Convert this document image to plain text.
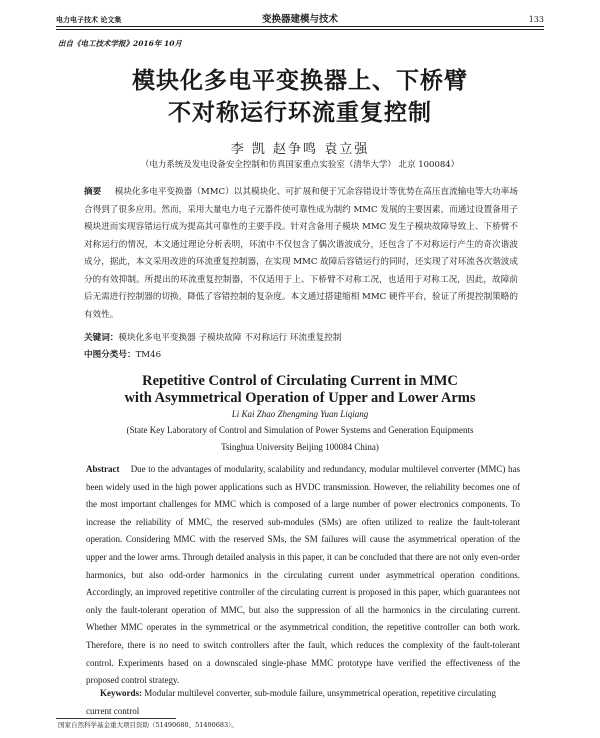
电力电子技术 论文集	变换器建模与技术	133
出自《电工技术学报》2016年 10月
模块化多电平变换器上、下桥臂
不对称运行环流重复控制
李 凯 赵争鸣 袁立强
（电力系统及发电设备安全控制和仿真国家重点实验室（清华大学） 北京 100084）
摘要 模块化多电平变换器（MMC）以其模块化、可扩展和便于冗余容错设计等优势在高压直流输电等大功率场合得到了很多应用。然而，采用大量电力电子元器件使可靠性成为制约 MMC 发展的主要因素，而通过设置备用子模块进而实现容错运行成为提高其可靠性的主要手段。针对含备用子模块 MMC 发生子模块故障导致上、下桥臂不对称运行的情况，本文通过理论分析表明，环流中不仅包含了偶次谐波成分，还包含了不对称运行产生的奇次谐波成分，据此，本文采用改进的环流重复控制器，在实现 MMC 故障后容错运行的同时，还实现了对环流各次谐波成分的有效抑制。所提出的环流重复控制器，不仅适用于上、下桥臂不对称工况，也适用于对称工况，因此，故障前后无需进行控制器的切换，降低了容错控制的复杂度。本文通过搭建缩相 MMC 硬件平台，验证了所提控制策略的有效性。
关键词：模块化多电平变换器 子模块故障 不对称运行 环流重复控制
中图分类号：TM46
Repetitive Control of Circulating Current in MMC
with Asymmetrical Operation of Upper and Lower Arms
Li Kai Zhao Zhengming Yuan Liqiang
(State Key Laboratory of Control and Simulation of Power Systems and Generation Equipments
Tsinghua University Beijing 100084 China)
Abstract Due to the advantages of modularity, scalability and redundancy, modular multilevel converter (MMC) has been widely used in the high power applications such as HVDC transmission. However, the reliability becomes one of the most important challenges for MMC which is composed of a large number of power electronics components. To increase the reliability of MMC, the reserved sub-modules (SMs) are often utilized to realize the fault-tolerant operation. Considering MMC with the reserved SMs, the SM failures will cause the asymmetrical operation of the upper and the lower arms. Through detailed analysis in this paper, it can be concluded that there are not only even-order harmonics, but also odd-order harmonics in the circulating current under asymmetrical operation conditions. Accordingly, an improved repetitive controller of the circulating current is proposed in this paper, which guarantees not only the fault-tolerant operation of MMC, but also the suppression of all the harmonics in the circulating current. Whether MMC operates in the symmetrical or the asymmetrical condition, the repetitive controller can both work. Therefore, there is no need to switch controllers after the fault, which reduces the complexity of the fault-tolerant control. Experiments based on a downscaled single-phase MMC prototype have verified the effectiveness of the proposed control strategy.
Keywords: Modular multilevel converter, sub-module failure, unsymmetrical operation, repetitive circulating current control
国家自然科学基金重大项目资助（51490680、51490683）。
